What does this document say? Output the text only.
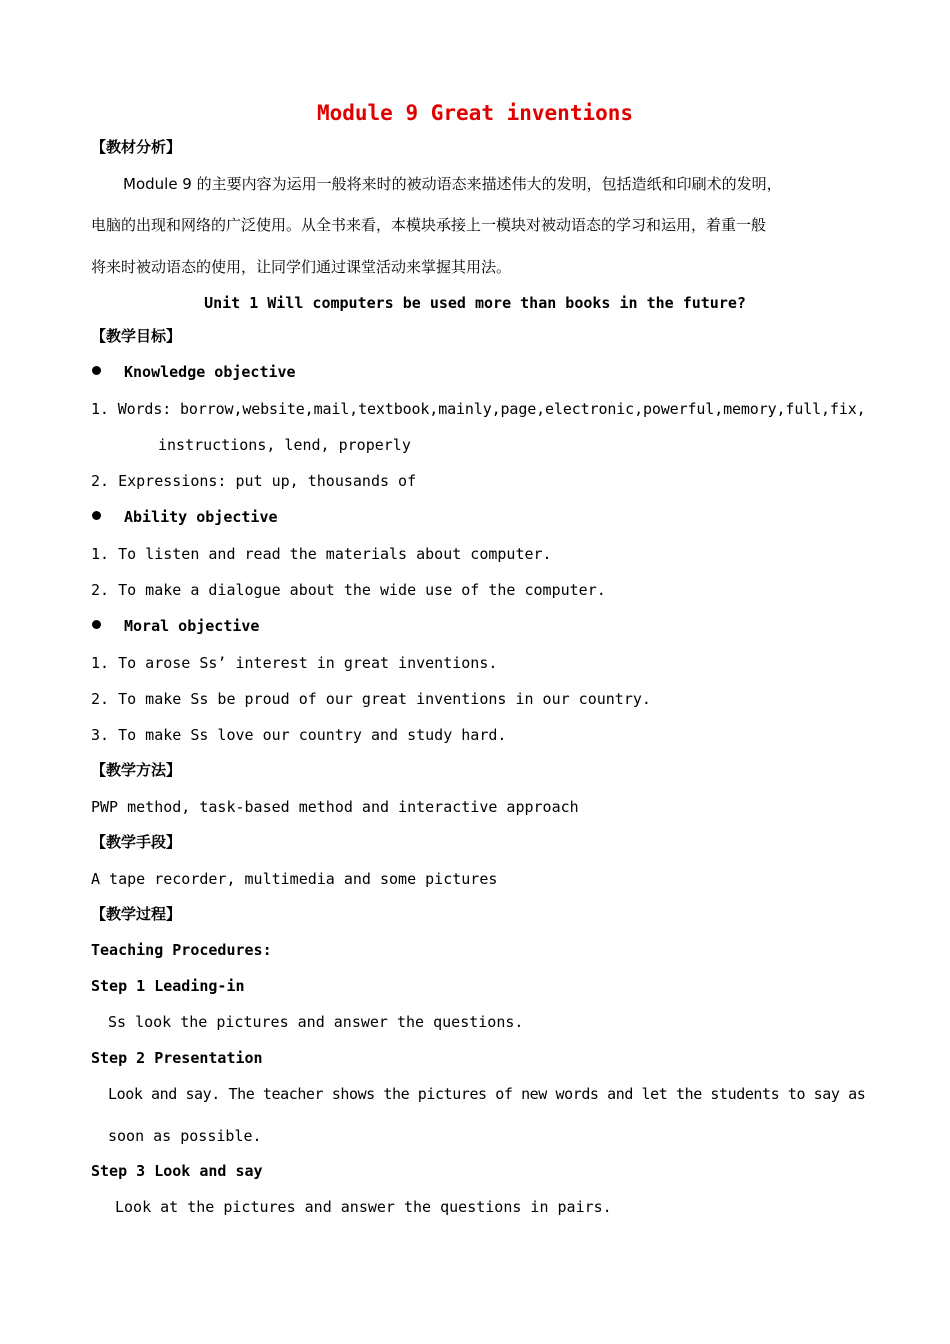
Module 9 Great inventions
【教材分析】
Module 9 的主要内容为运用一般将来时的被动语态来描述伟大的发明，包括造纸和印刷术的发明，
电脑的出现和网络的广泛使用。从全书来看，本模块承接上一模块对被动语态的学习和运用，着重一般
将来时被动语态的使用，让同学们通过课堂活动来掌握其用法。
Unit 1 Will computers be used more than books in the future?
【教学目标】
Knowledge objective
1. Words: borrow,website,mail,textbook,mainly,page,electronic,powerful,memory,full,fix,
instructions, lend, properly
2. Expressions: put up, thousands of
Ability objective
1. To listen and read the materials about computer.
2. To make a dialogue about the wide use of the computer.
Moral objective
1. To arose Ss’ interest in great inventions.
2. To make Ss be proud of our great inventions in our country.
3. To make Ss love our country and study hard.
【教学方法】
PWP method, task-based method and interactive approach
【教学手段】
A tape recorder, multimedia and some pictures
【教学过程】
Teaching Procedures:
Step 1 Leading-in
Ss look the pictures and answer the questions.
Step 2 Presentation
Look and say. The teacher shows the pictures of new words and let the students to say as
soon as possible.
Step 3 Look and say
Look at the pictures and answer the questions in pairs.
